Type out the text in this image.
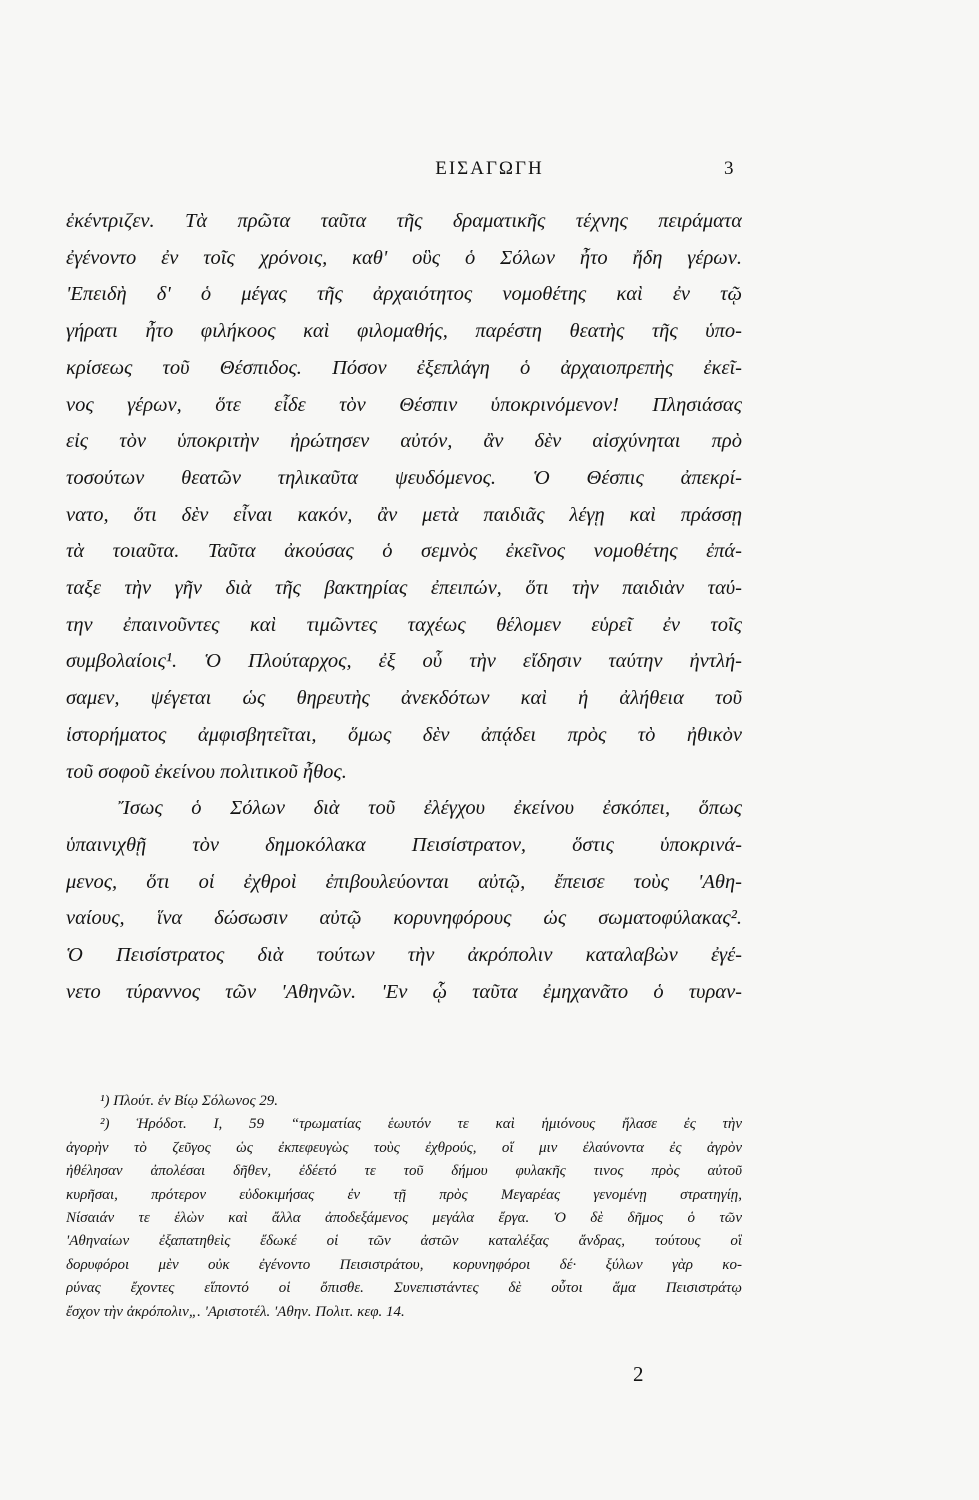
ΕΙΣΑΓΩΓΗ	3
ἐκέντριζεν. Τὰ πρῶτα ταῦτα τῆς δραματικῆς τέχνης πειράματα
ἐγένοντο ἐν τοῖς χρόνοις, καθ' οὓς ὁ Σόλων ἦτο ἤδη γέρων.
'Επειδὴ δ' ὁ μέγας τῆς ἀρχαιότητος νομοθέτης καὶ ἐν τῷ
γήρατι ἦτο φιλήκοος καὶ φιλομαθής, παρέστη θεατὴς τῆς ὑπο-
κρίσεως τοῦ Θέσπιδος. Πόσον ἐξεπλάγη ὁ ἀρχαιοπρεπὴς ἐκεῖ-
νος γέρων, ὅτε εἶδε τὸν Θέσπιν ὑποκρινόμενον! Πλησιάσας
εἰς τὸν ὑποκριτὴν ἠρώτησεν αὐτόν, ἂν δὲν αἰσχύνηται πρὸ
τοσούτων θεατῶν τηλικαῦτα ψευδόμενος. Ὁ Θέσπις ἀπεκρί-
νατο, ὅτι δὲν εἶναι κακόν, ἂν μετὰ παιδιᾶς λέγῃ καὶ πράσσῃ
τὰ τοιαῦτα. Ταῦτα ἀκούσας ὁ σεμνὸς ἐκεῖνος νομοθέτης ἐπά-
ταξε τὴν γῆν διὰ τῆς βακτηρίας ἐπειπών, ὅτι τὴν παιδιὰν ταύ-
την ἐπαινοῦντες καὶ τιμῶντες ταχέως θέλομεν εὑρεῖ ἐν τοῖς
συμβολαίοις¹. Ὁ Πλούταρχος, ἐξ οὗ τὴν εἴδησιν ταύτην ἠντλή-
σαμεν, ψέγεται ὡς θηρευτὴς ἀνεκδότων καὶ ἡ ἀλήθεια τοῦ
ἱστορήματος ἀμφισβητεῖται, ὅμως δὲν ἀπᾴδει πρὸς τὸ ἠθικὸν
τοῦ σοφοῦ ἐκείνου πολιτικοῦ ἦθος.
Ἴσως ὁ Σόλων διὰ τοῦ ἐλέγχου ἐκείνου ἐσκόπει, ὅπως
ὑπαινιχθῇ τὸν δημοκόλακα Πεισίστρατον, ὅστις ὑποκρινά-
μενος, ὅτι οἱ ἐχθροὶ ἐπιβουλεύονται αὐτῷ, ἔπεισε τοὺς 'Αθη-
ναίους, ἵνα δώσωσιν αὐτῷ κορυνηφόρους ὡς σωματοφύλακας².
Ὁ Πεισίστρατος διὰ τούτων τὴν ἀκρόπολιν καταλαβὼν ἐγέ-
νετο τύραννος τῶν 'Αθηνῶν. 'Εν ᾧ ταῦτα ἐμηχανᾶτο ὁ τυραν-
¹) Πλούτ. ἐν Βίῳ Σόλωνος 29.
²) Ἡρόδοτ. I, 59 “τρωματίας ἑωυτόν τε καὶ ἡμιόνους ἤλασε ἐς τὴν
ἀγορὴν τὸ ζεῦγος ὡς ἐκπεφευγὼς τοὺς ἐχθρούς, οἵ μιν ἐλαύνοντα ἐς ἀγρὸν
ἠθέλησαν ἀπολέσαι δῆθεν, ἐδέετό τε τοῦ δήμου φυλακῆς τινος πρὸς αὐτοῦ
κυρῆσαι, πρότερον εὐδοκιμήσας ἐν τῇ πρὸς Μεγαρέας γενομένῃ στρατηγίῃ,
Νίσαιάν τε ἑλὼν καὶ ἄλλα ἀποδεξάμενος μεγάλα ἔργα. Ὁ δὲ δῆμος ὁ τῶν
'Αθηναίων ἐξαπατηθεὶς ἔδωκέ οἱ τῶν ἀστῶν καταλέξας ἄνδρας, τούτους οἳ
δορυφόροι μὲν οὐκ ἐγένοντο Πεισιστράτου, κορυνηφόροι δέ· ξύλων γὰρ κο-
ρύνας ἔχοντες εἵποντό οἱ ὄπισθε. Συνεπιστάντες δὲ οὗτοι ἅμα Πεισιστράτῳ
ἔσχον τὴν ἀκρόπολιν„. 'Αριστοτέλ. 'Αθην. Πολιτ. κεφ. 14.
2
